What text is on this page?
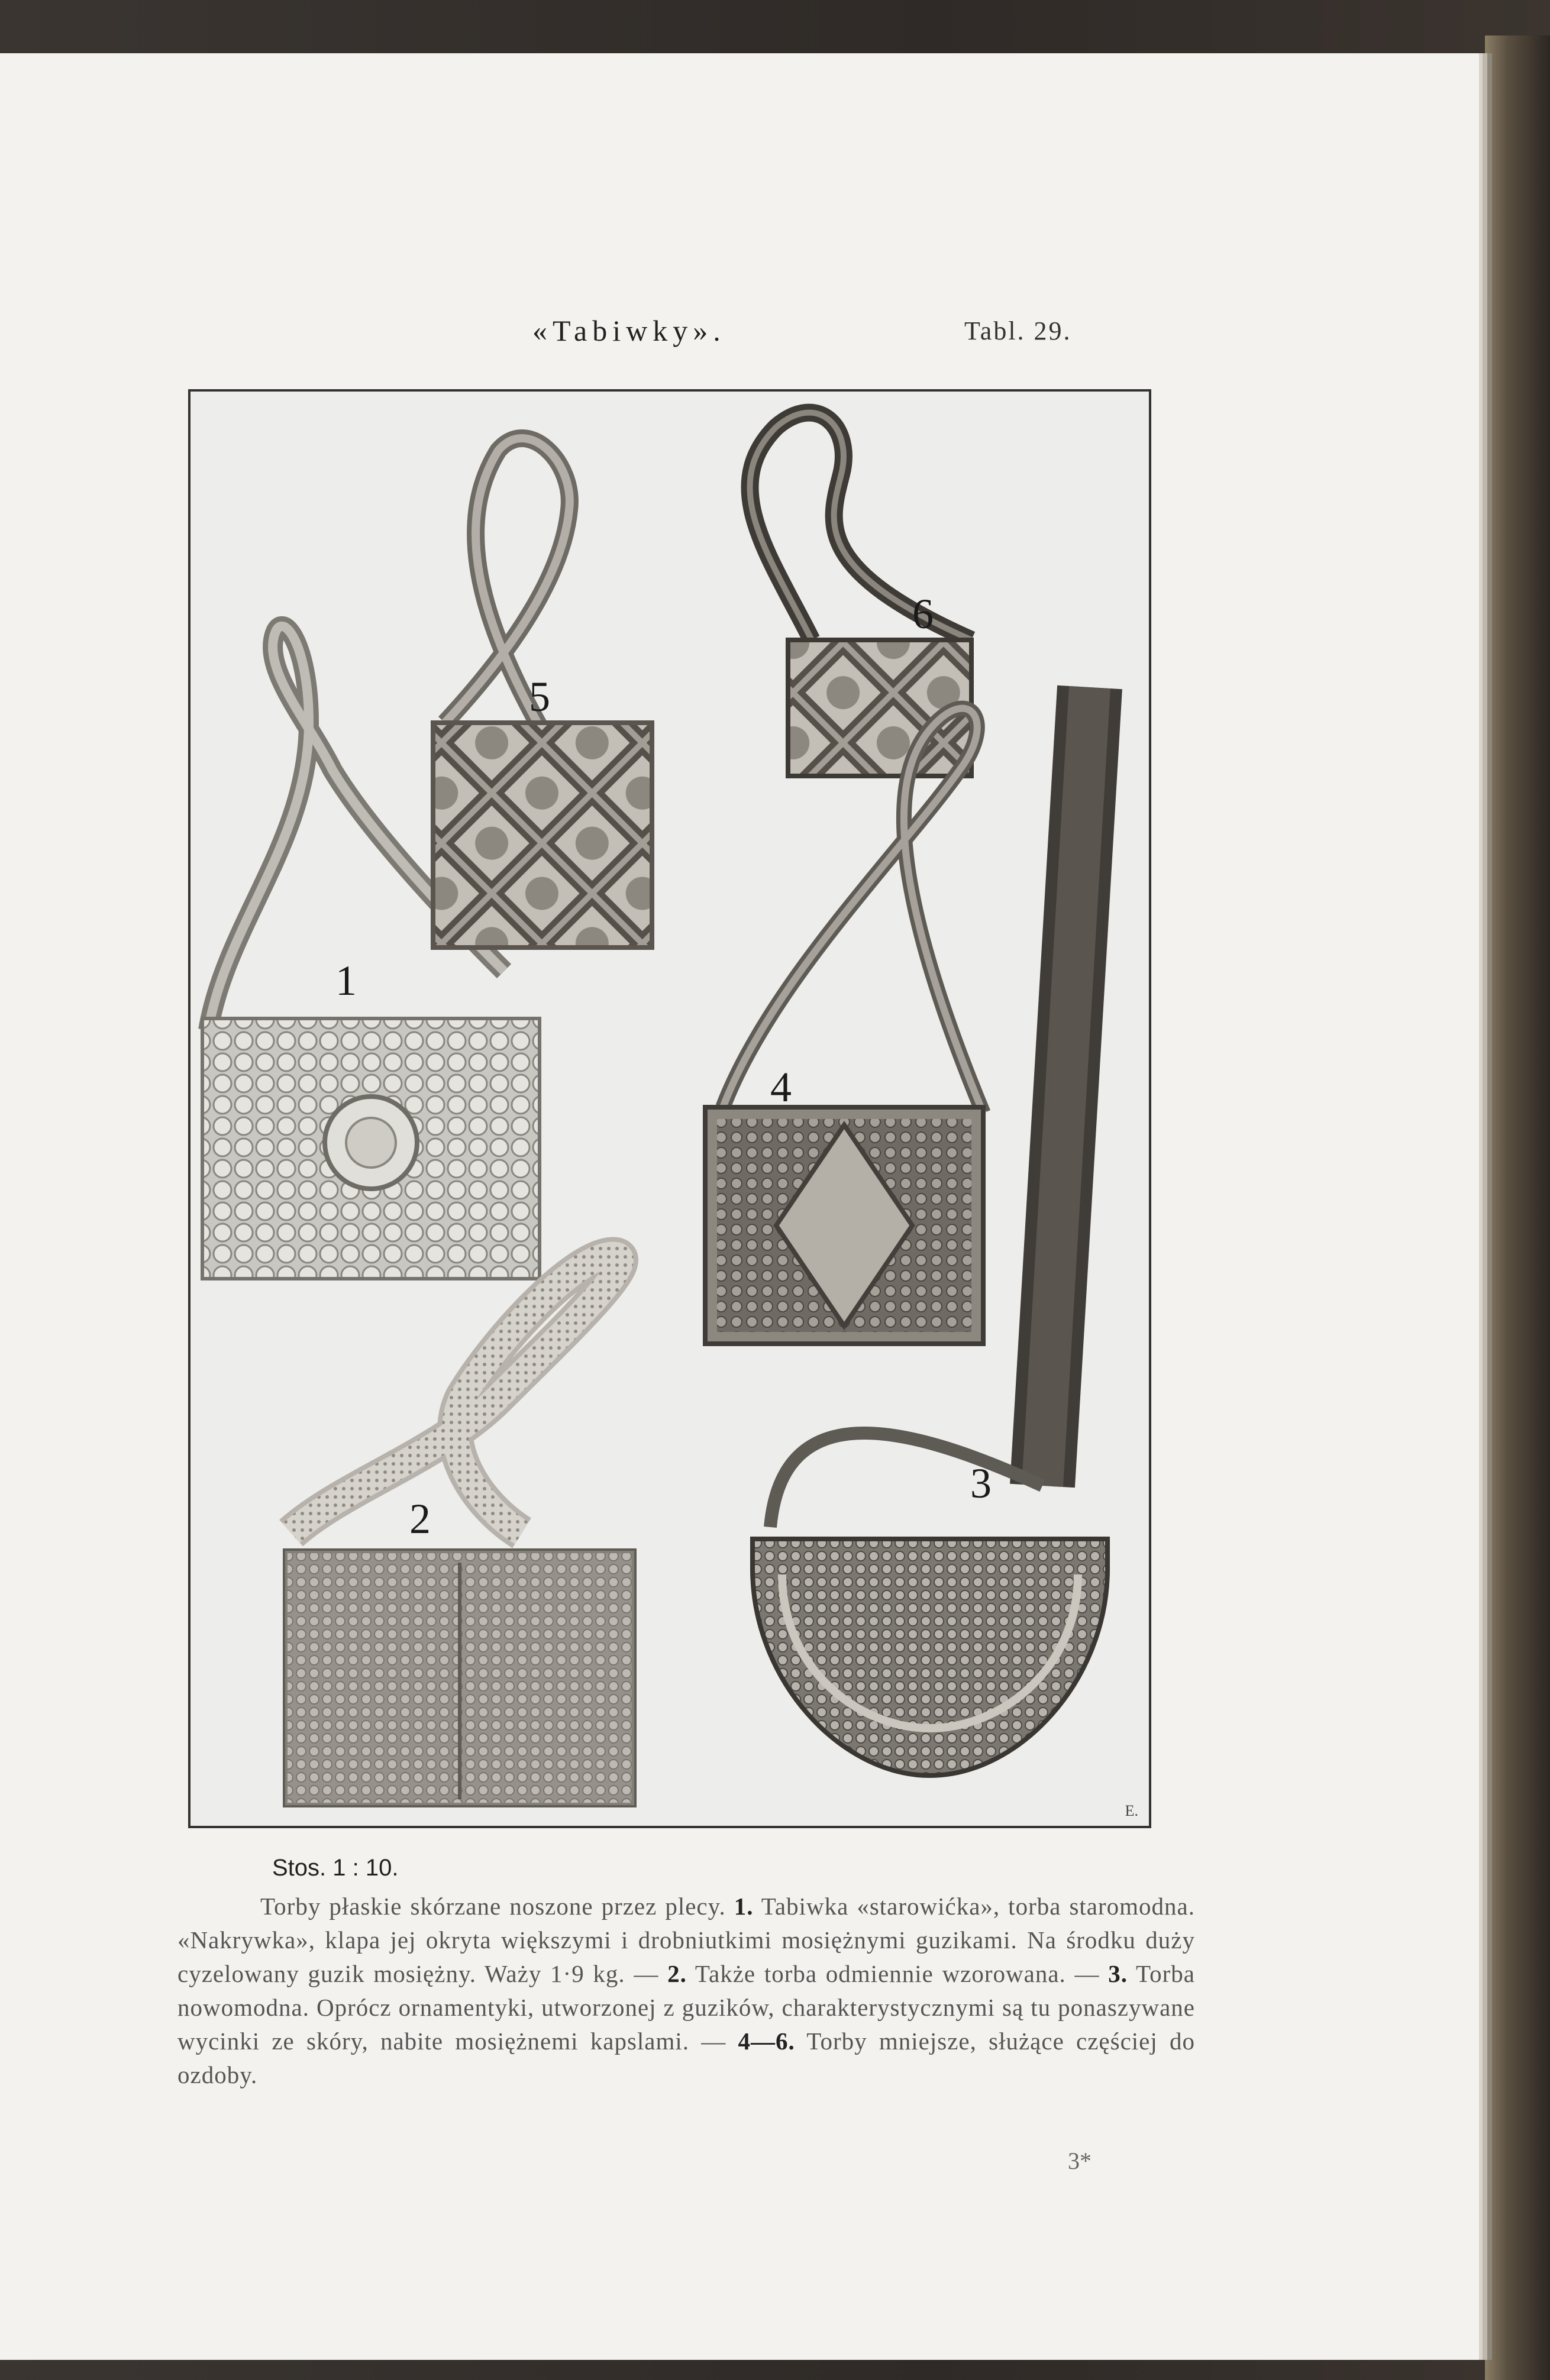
«Tabiwky».	Tabl. 29.
1
5
6
4
3
2
E.
Stos. 1 : 10.
Torby płaskie skórzane noszone przez plecy. 1. Tabiwka «starowićka», torba staromodna. «Nakrywka», klapa jej okryta większymi i drobniutkimi mosiężnymi guzikami. Na środku duży cyzelowany guzik mosiężny. Waży 1·9 kg. — 2. Także torba odmiennie wzorowana. — 3. Torba nowomodna. Oprócz ornamentyki, utworzonej z guzików, charakterystycznymi są tu ponaszywane wycinki ze skóry, nabite mosiężnemi kapslami. — 4—6. Torby mniejsze, służące częściej do ozdoby.
3*
